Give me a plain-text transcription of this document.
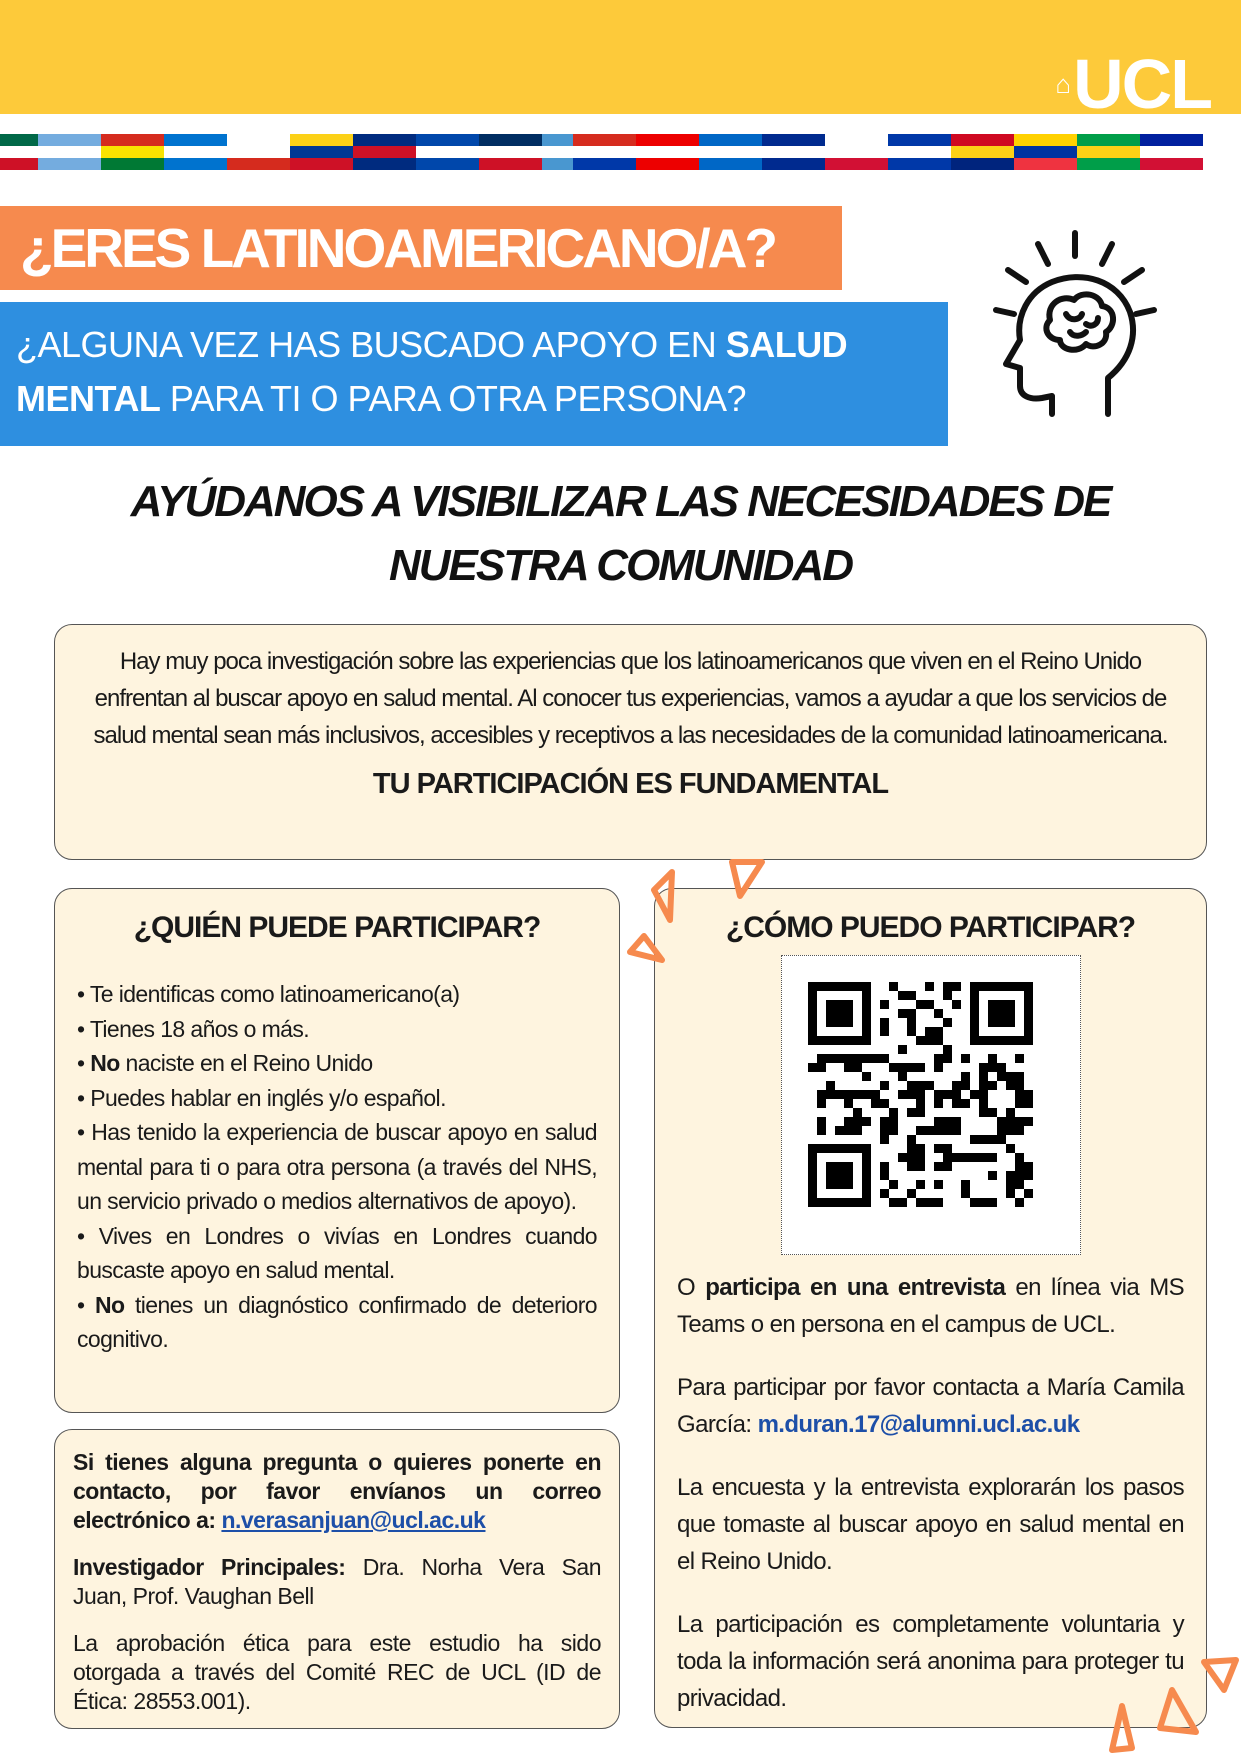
⌂UCL
¿ERES LATINOAMERICANO/A?
¿ALGUNA VEZ HAS BUSCADO APOYO EN SALUD MENTAL PARA TI O PARA OTRA PERSONA?
AYÚDANOS A VISIBILIZAR LAS NECESIDADES DE
NUESTRA COMUNIDAD

Hay muy poca investigación sobre las experiencias que los latinoamericanos que viven en el Reino Unido enfrentan al buscar apoyo en salud mental. Al conocer tus experiencias, vamos a ayudar a que los servicios de salud mental sean más inclusivos, accesibles y receptivos a las necesidades de la comunidad latinoamericana.

TU PARTICIPACIÓN ES FUNDAMENTAL
¿QUIÉN PUEDE PARTICIPAR?
• Te identificas como latinoamericano(a)
• Tienes 18 años o más.
• No naciste en el Reino Unido
• Puedes hablar en inglés y/o español.
• Has tenido la experiencia de buscar apoyo en salud mental para ti o para otra persona (a través del NHS, un servicio privado o medios alternativos de apoyo).
• Vives en Londres o vivías en Londres cuando buscaste apoyo en salud mental.
• No tienes un diagnóstico confirmado de deterioro cognitivo.

Si tienes alguna pregunta o quieres ponerte en contacto, por favor envíanos un correo electrónico a: n.verasanjuan@ucl.ac.uk

Investigador Principales: Dra. Norha Vera San Juan, Prof. Vaughan Bell

La aprobación ética para este estudio ha sido otorgada a través del Comité REC de UCL (ID de Ética: 28553.001).

¿CÓMO PUEDO PARTICIPAR?

O participa en una entrevista en línea via MS Teams o en persona en el campus de UCL.

Para participar por favor contacta a María Camila García: m.duran.17@alumni.ucl.ac.uk

La encuesta y la entrevista explorarán los pasos que tomaste al buscar apoyo en salud mental en el Reino Unido.

La participación es completamente voluntaria y toda la información será anonima para proteger tu privacidad.
